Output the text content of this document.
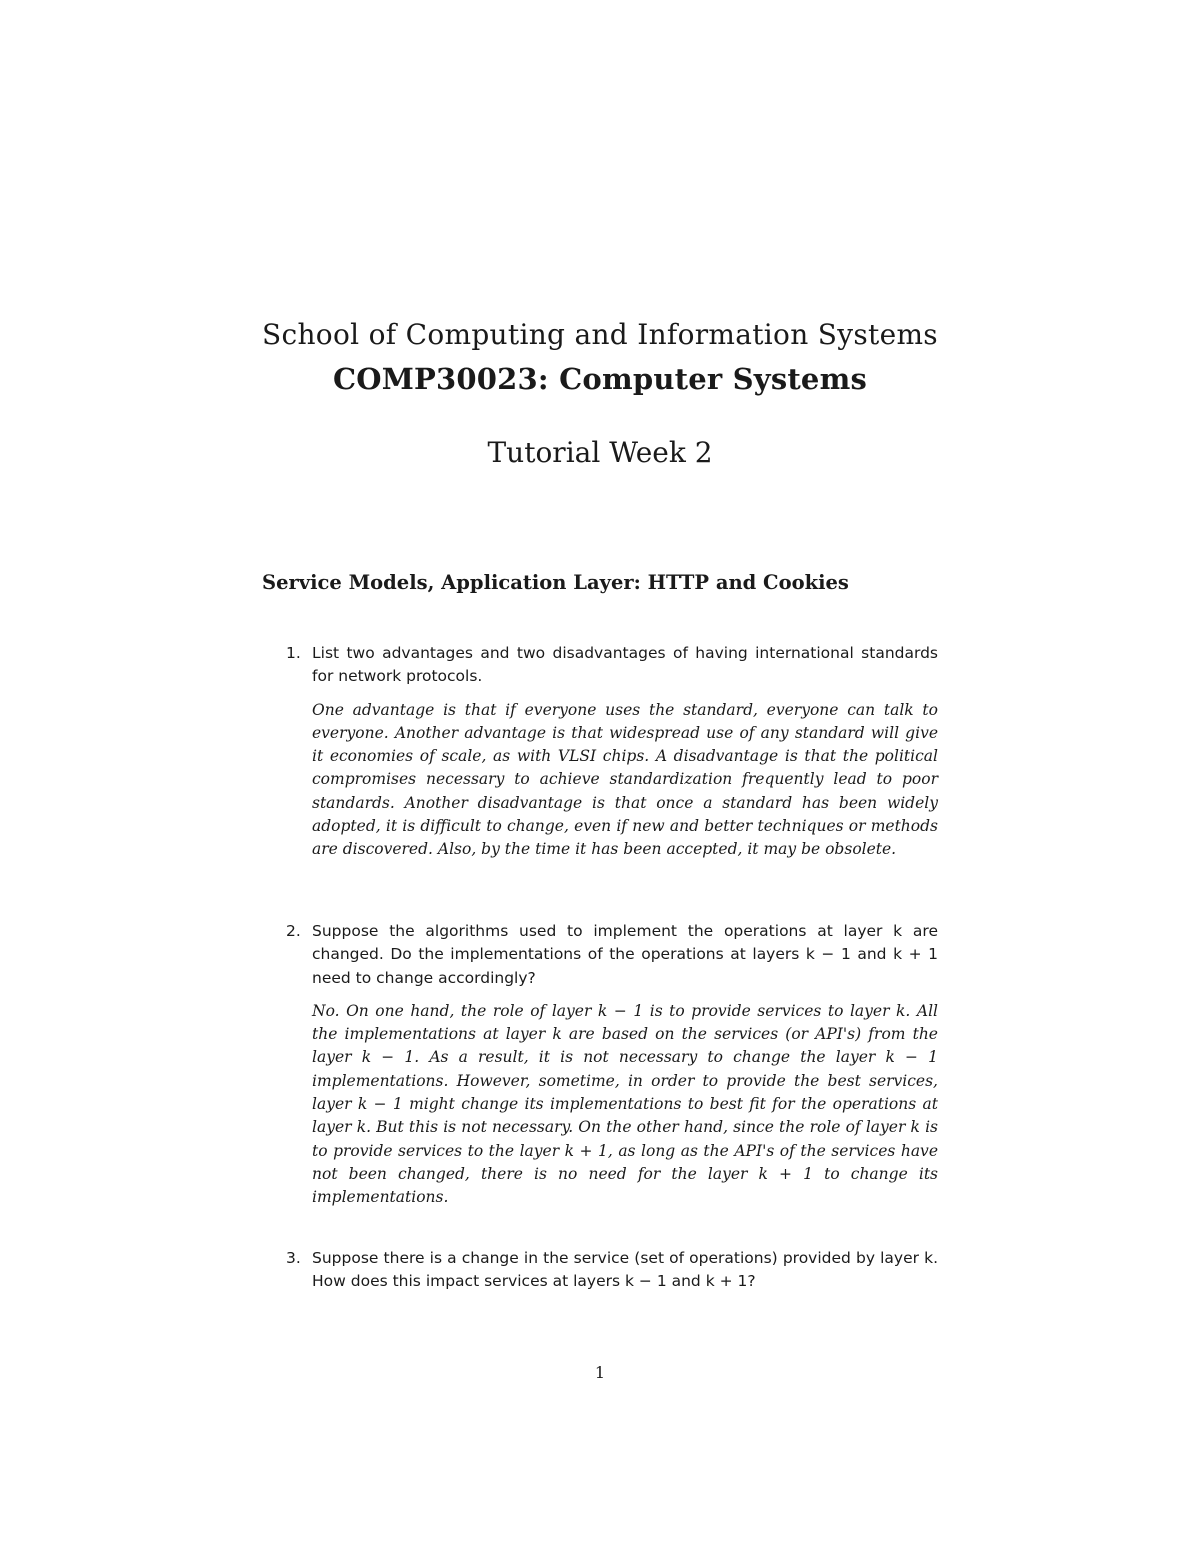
School of Computing and Information Systems
COMP30023: Computer Systems
Tutorial Week 2
Service Models, Application Layer: HTTP and Cookies
1. List two advantages and two disadvantages of having international standards for network protocols.
One advantage is that if everyone uses the standard, everyone can talk to everyone. Another advantage is that widespread use of any standard will give it economies of scale, as with VLSI chips. A disadvantage is that the political compromises necessary to achieve standardization frequently lead to poor standards. Another disadvantage is that once a standard has been widely adopted, it is difficult to change, even if new and better techniques or methods are discovered. Also, by the time it has been accepted, it may be obsolete.
2. Suppose the algorithms used to implement the operations at layer k are changed. Do the implementations of the operations at layers k − 1 and k + 1 need to change accordingly?
No. On one hand, the role of layer k − 1 is to provide services to layer k. All the implementations at layer k are based on the services (or API's) from the layer k − 1. As a result, it is not necessary to change the layer k − 1 implementations. However, sometime, in order to provide the best services, layer k − 1 might change its implementations to best fit for the operations at layer k. But this is not necessary. On the other hand, since the role of layer k is to provide services to the layer k + 1, as long as the API's of the services have not been changed, there is no need for the layer k + 1 to change its implementations.
3. Suppose there is a change in the service (set of operations) provided by layer k. How does this impact services at layers k − 1 and k + 1?
1
